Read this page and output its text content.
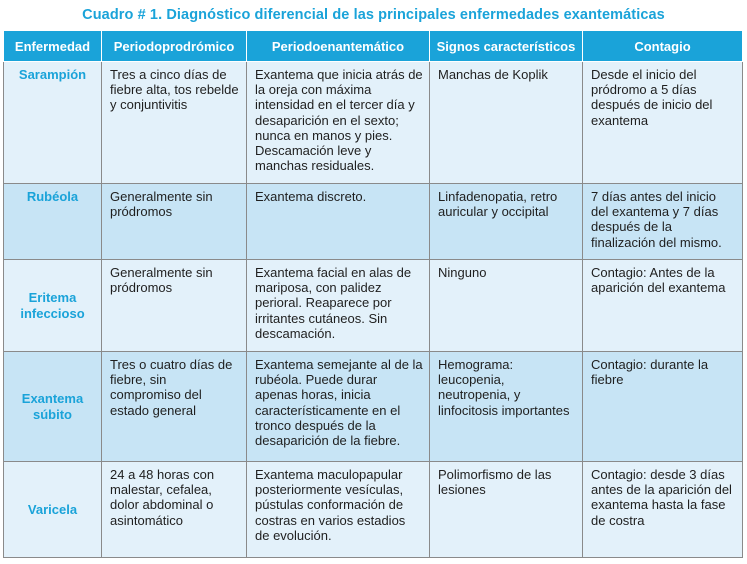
Cuadro # 1. Diagnóstico diferencial de las principales enfermedades exantemáticas
Enfermedad	Periodoprodrómico	Periodoenantemático	Signos característicos	Contagio
Sarampión	Tres a cinco días de fiebre alta, tos rebelde y conjuntivitis	Exantema que inicia atrás de la oreja con máxima intensidad en el tercer día y desaparición en el sexto; nunca en manos y pies. Descamación leve y manchas residuales.	Manchas de Koplik	Desde el inicio del pródromo a 5 días después de inicio del exantema
Rubéola	Generalmente sin pródromos	Exantema discreto.	Linfadenopatia, retro auricular y occipital	7 días antes del inicio del exantema y 7 días después de la finalización del mismo.
Eritema infeccioso	Generalmente sin pródromos	Exantema facial en alas de mariposa, con palidez perioral. Reaparece por irritantes cutáneos. Sin descamación.	Ninguno	Contagio: Antes de la aparición del exantema
Exantema súbito	Tres o cuatro días de fiebre, sin compromiso del estado general	Exantema semejante al de la rubéola. Puede durar apenas horas, inicia característicamente en el tronco después de la desaparición de la fiebre.	Hemograma: leucopenia, neutropenia, y linfocitosis importantes	Contagio: durante la fiebre
Varicela	24 a 48 horas con malestar, cefalea, dolor abdominal o asintomático	Exantema maculopapular posteriormente vesículas, pústulas conformación de costras en varios estadios de evolución.	Polimorfismo de las lesiones	Contagio: desde 3 días antes de la aparición del exantema hasta la fase de costra
